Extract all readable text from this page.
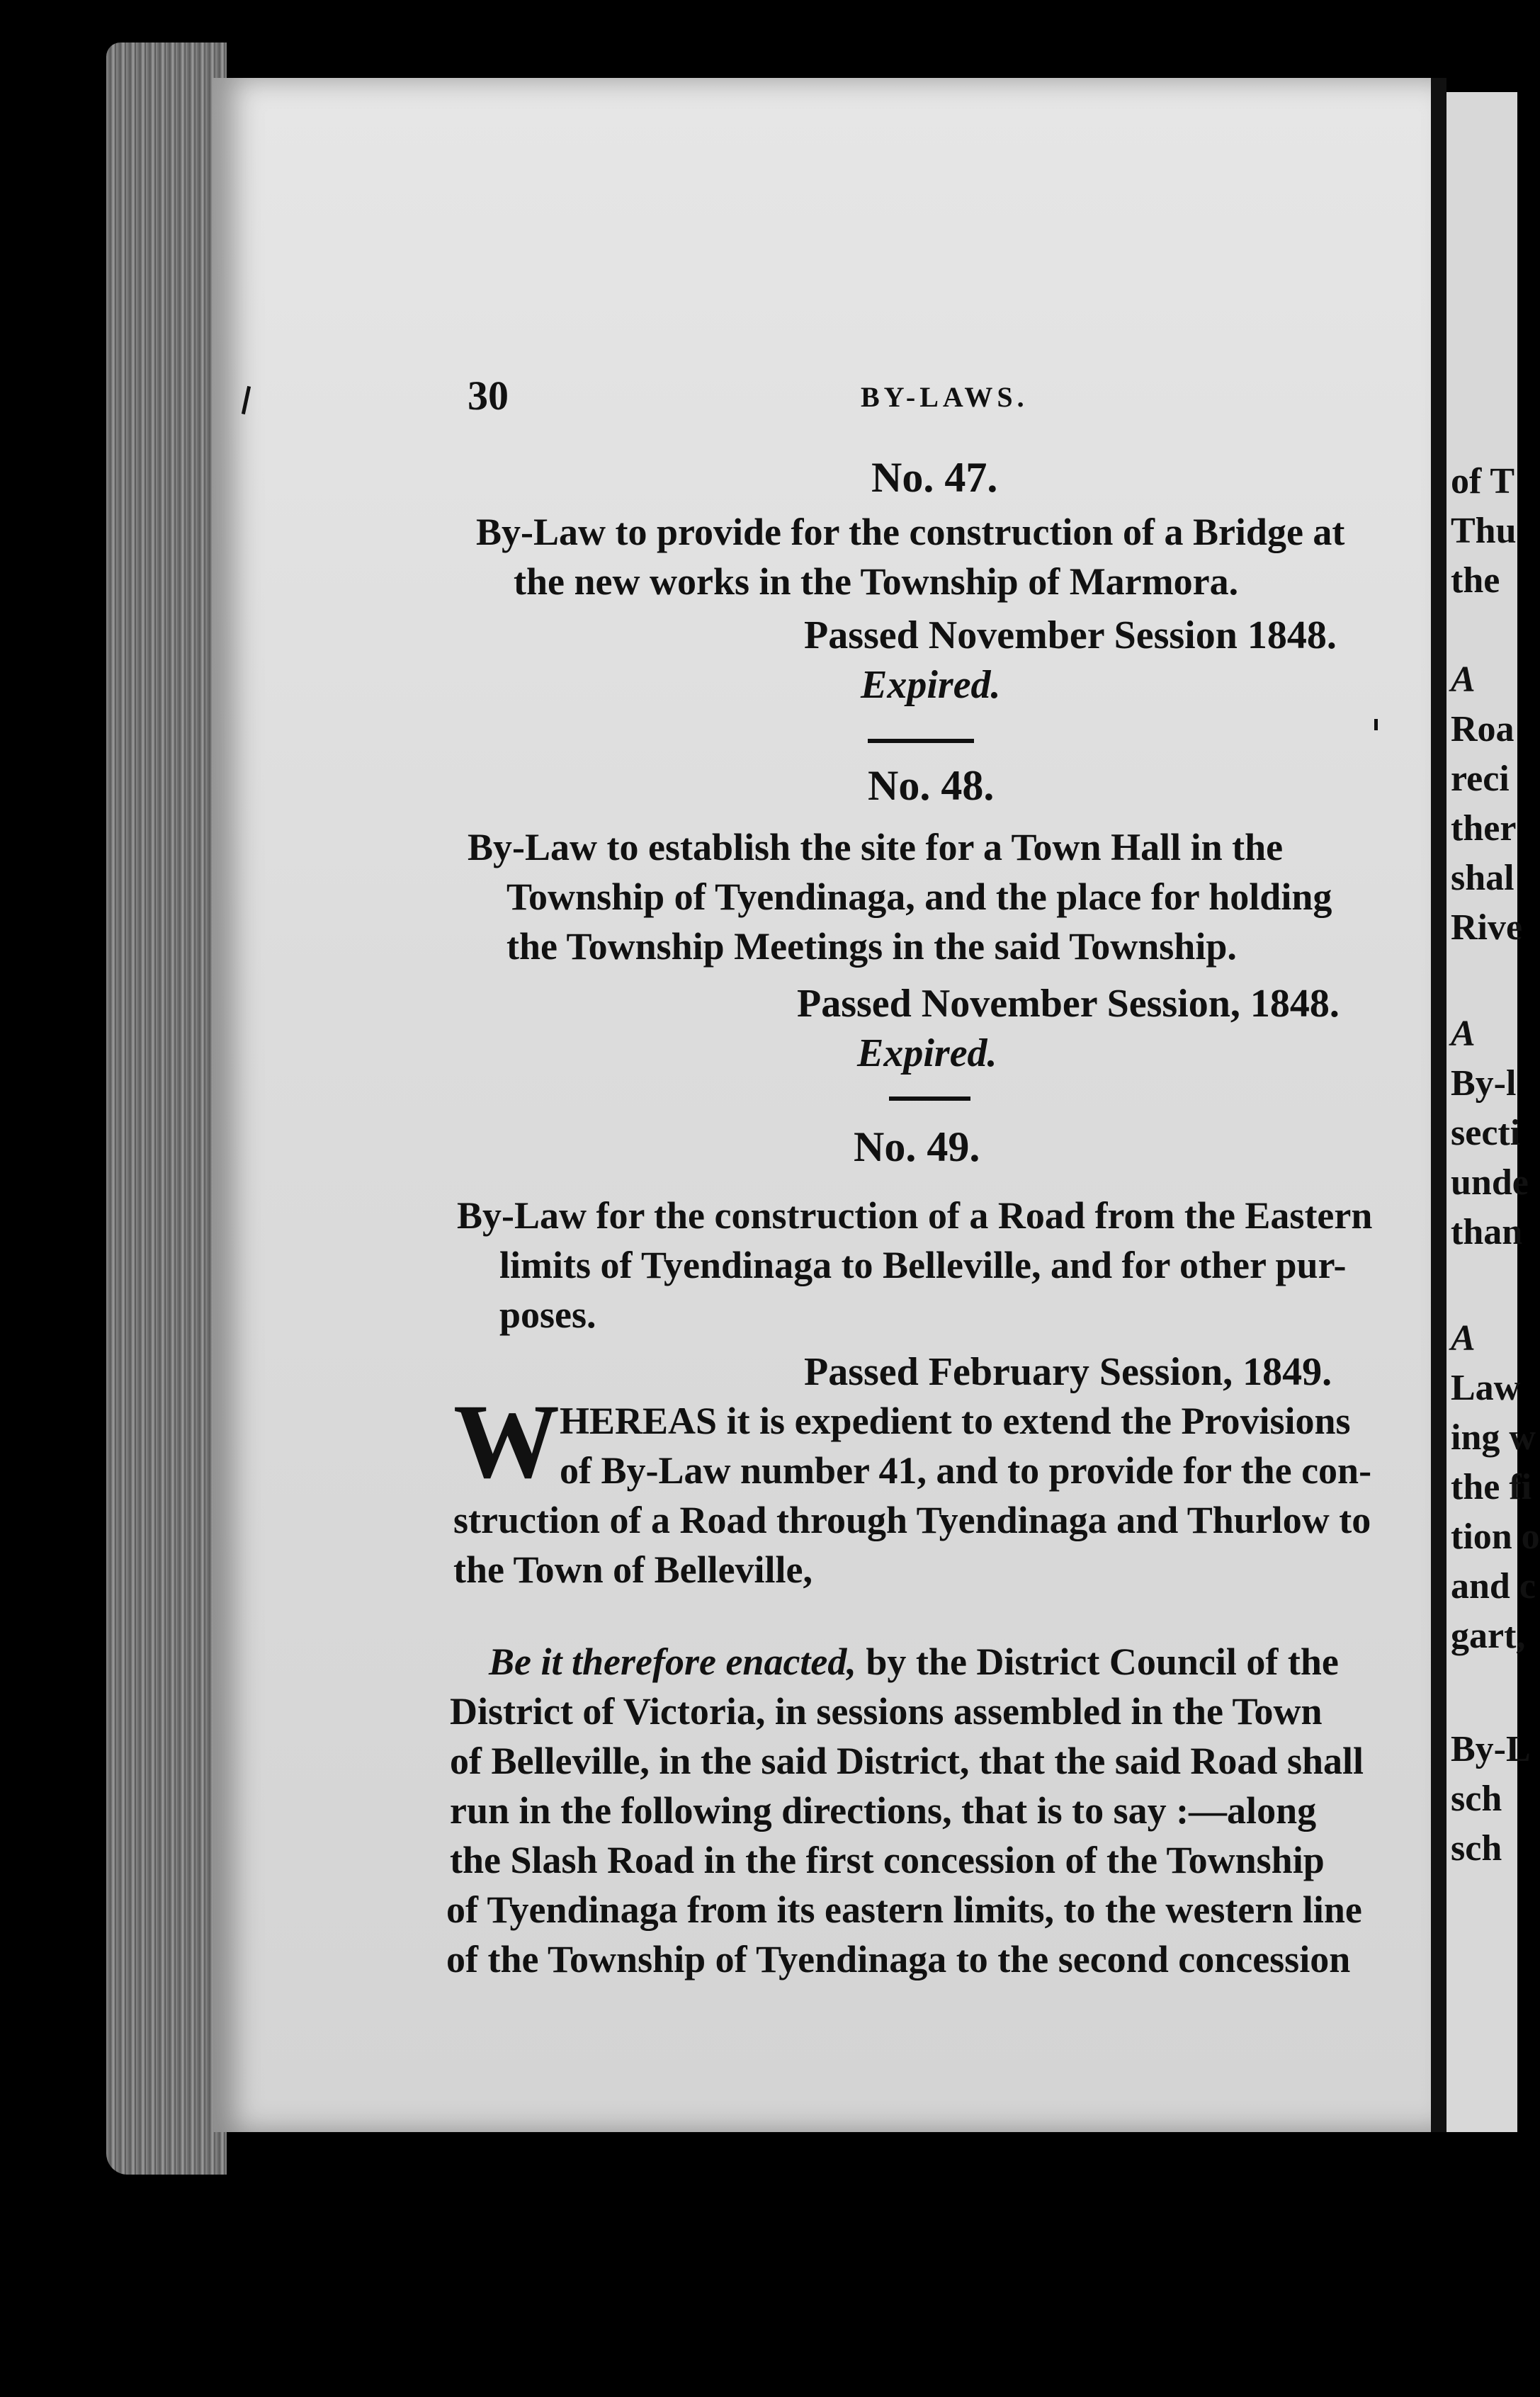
of T
Thu
the
A
Roa
reci
ther
shal
Rive
A
By-l
secti
unde
than
A
Law
ing w
the fi
tion o
and c
gart,
By-L
sch
sch
30	BY-LAWS.
No. 47.
By-Law to provide for the construction of a Bridge at
the new works in the Township of Marmora.
Passed November Session 1848.
Expired.
No. 48.
By-Law to establish the site for a Town Hall in the
Township of Tyendinaga, and the place for holding
the Township Meetings in the said Township.
Passed November Session, 1848.
Expired.
No. 49.
By-Law for the construction of a Road from the Eastern
limits of Tyendinaga to Belleville, and for other pur-
poses.
Passed February Session, 1849.
W HEREAS it is expedient to extend the Provisions
of By-Law number 41, and to provide for the con-
struction of a Road through Tyendinaga and Thurlow to
the Town of Belleville,
Be it therefore enacted, by the District Council of the
District of Victoria, in sessions assembled in the Town
of Belleville, in the said District, that the said Road shall
run in the following directions, that is to say :—along
the Slash Road in the first concession of the Township
of Tyendinaga from its eastern limits, to the western line
of the Township of Tyendinaga to the second concession
